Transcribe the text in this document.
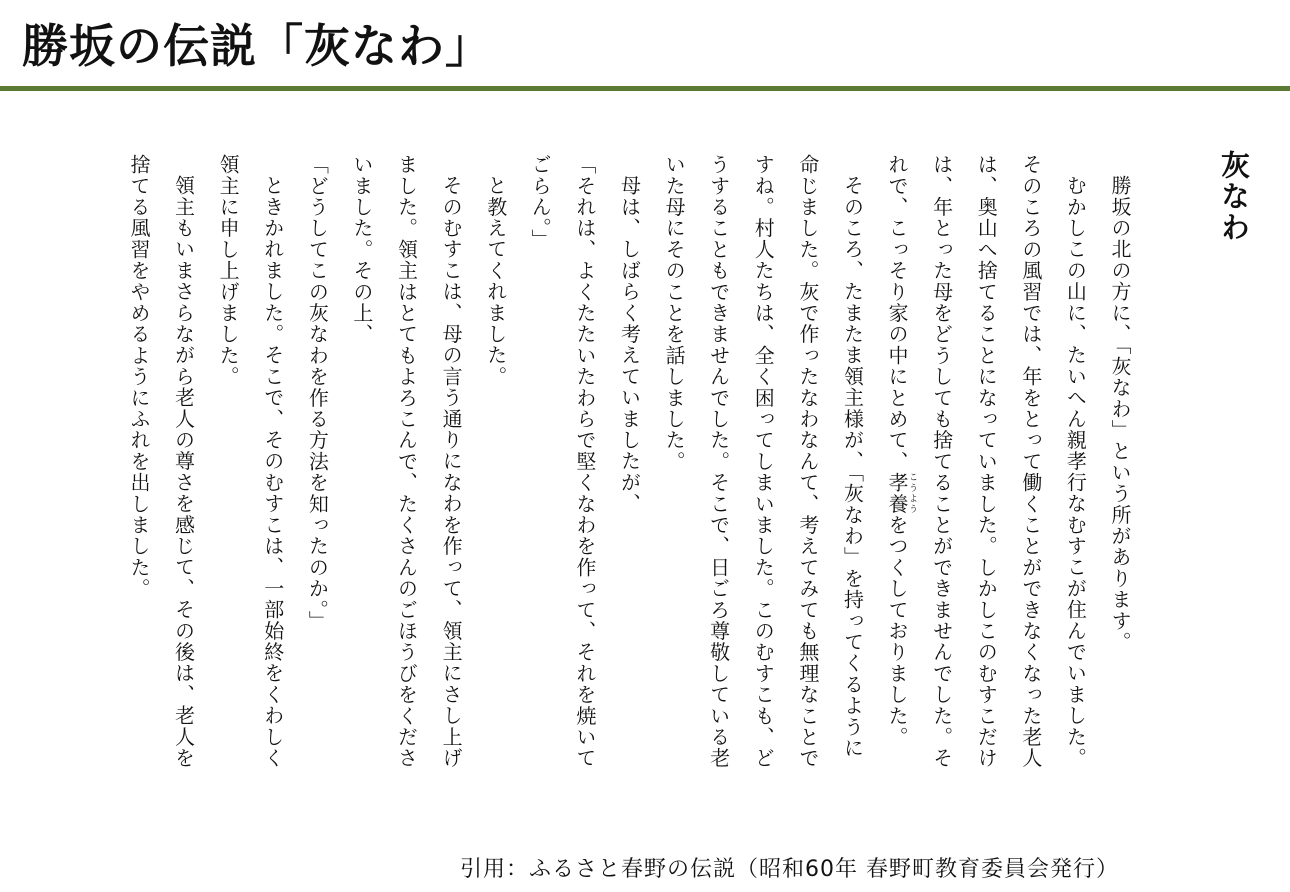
勝坂の伝説「灰なわ」
灰なわ

勝坂の北の方に、「灰なわ」という所があります。

むかしこの山に、たいへん親孝行なむすこが住んでいました。

そのころの風習では、年をとって働くことができなくなった老人

は、奥山へ捨てることになっていました。しかしこのむすこだけ

は、年とった母をどうしても捨てることができませんでした。そ

れで、こっそり家の中にとめて、孝養こうようをつくしておりました。

そのころ、たまたま領主様が、「灰なわ」を持ってくるように

命じました。灰で作ったなわなんて、考えてみても無理なことで

すね。村人たちは、全く困ってしまいました。このむすこも、ど

うすることもできませんでした。そこで、日ごろ尊敬している老

いた母にそのことを話しました。

母は、しばらく考えていましたが、

「それは、よくたたいたわらで堅くなわを作って、それを焼いて

ごらん。」

と教えてくれました。

そのむすこは、母の言う通りになわを作って、領主にさし上げ

ました。領主はとてもよろこんで、たくさんのごほうびをくださ

いました。その上、

「どうしてこの灰なわを作る方法を知ったのか。」

ときかれました。そこで、そのむすこは、一部始終をくわしく

領主に申し上げました。

領主もいまさらながら老人の尊さを感じて、その後は、老人を

捨てる風習をやめるようにふれを出しました。

引用：ふるさと春野の伝説（昭和60年 春野町教育委員会発行）
